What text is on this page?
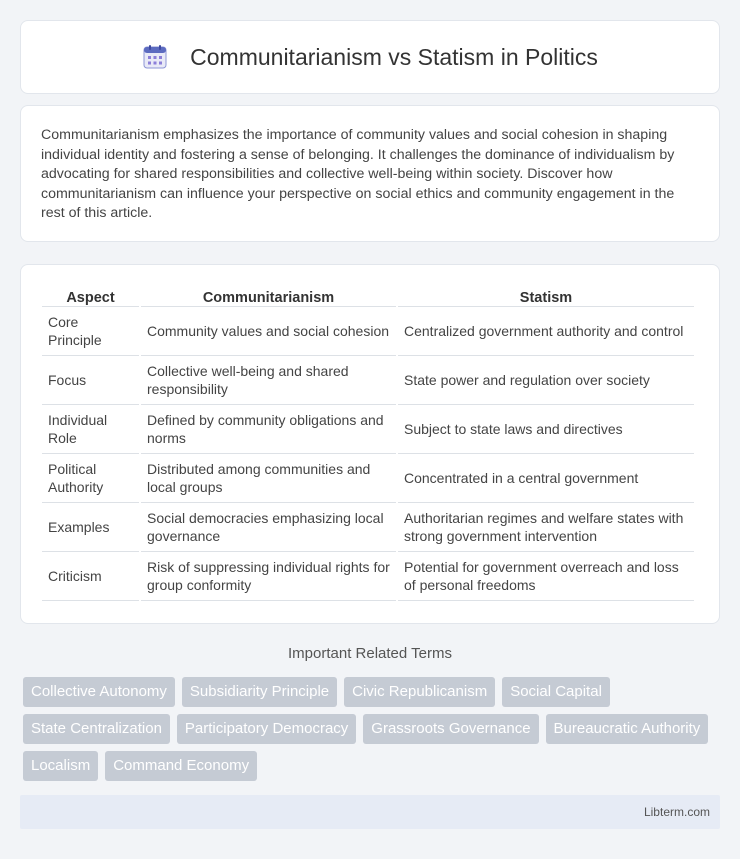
Communitarianism vs Statism in Politics

Communitarianism emphasizes the importance of community values and social cohesion in shaping individual identity and fostering a sense of belonging. It challenges the dominance of individualism by advocating for shared responsibilities and collective well-being within society. Discover how communitarianism can influence your perspective on social ethics and community engagement in the rest of this article.

Aspect	Communitarianism	Statism
Core Principle	Community values and social cohesion	Centralized government authority and control
Focus	Collective well-being and shared responsibility	State power and regulation over society
Individual Role	Defined by community obligations and norms	Subject to state laws and directives
Political Authority	Distributed among communities and local groups	Concentrated in a central government
Examples	Social democracies emphasizing local governance	Authoritarian regimes and welfare states with strong government intervention
Criticism	Risk of suppressing individual rights for group conformity	Potential for government overreach and loss of personal freedoms
Important Related Terms
Collective Autonomy	Subsidiarity Principle	Civic Republicanism	Social Capital
State Centralization	Participatory Democracy	Grassroots Governance	Bureaucratic Authority
Localism	Command Economy
Libterm.com
